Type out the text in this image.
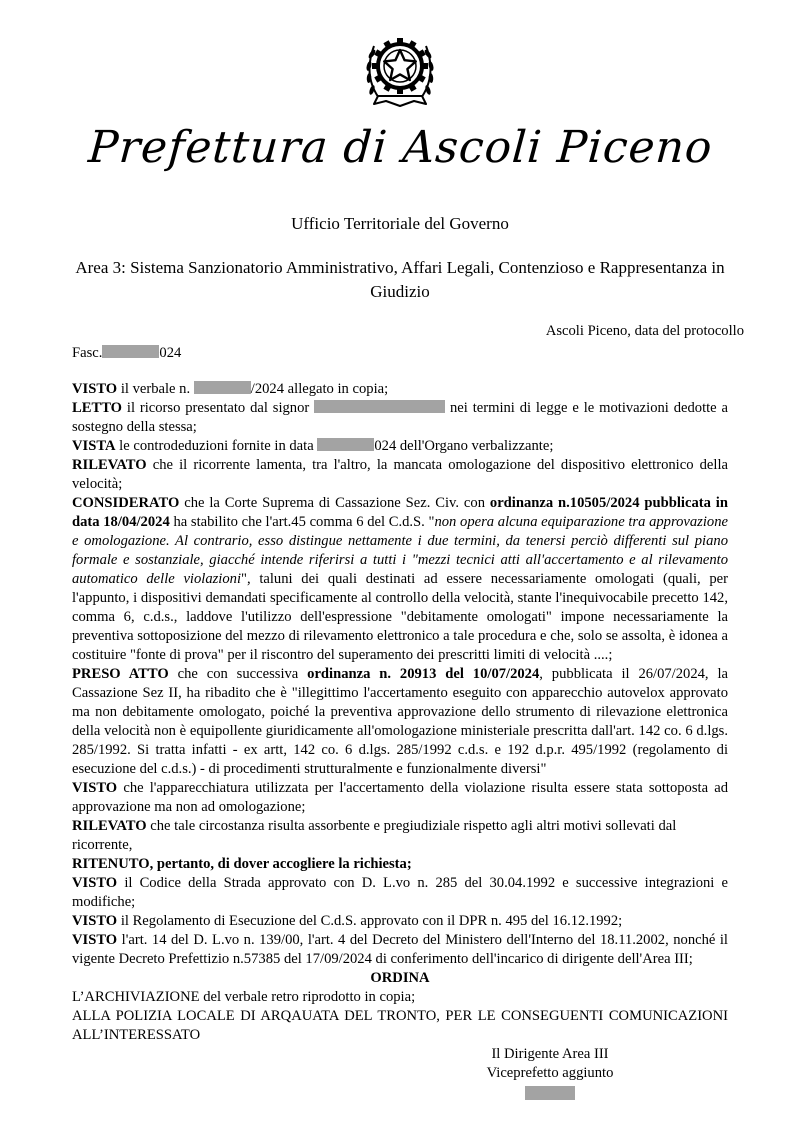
Prefettura di Ascoli Piceno
Ufficio Territoriale del Governo
Area 3: Sistema Sanzionatorio Amministrativo, Affari Legali, Contenzioso e Rappresentanza in Giudizio

Ascoli Piceno, data del protocollo

Fasc.	024

VISTO il verbale n.	/2024 allegato in copia;

LETTO il ricorso presentato dal signor	nei termini di legge e le motivazioni dedotte a sostegno della stessa;

VISTA le controdeduzioni fornite in data	024 dell'Organo verbalizzante;

RILEVATO che il ricorrente lamenta, tra l'altro, la mancata omologazione del dispositivo elettronico della velocità;

CONSIDERATO che la Corte Suprema di Cassazione Sez. Civ. con ordinanza n.10505/2024 pubblicata in data 18/04/2024 ha stabilito che l'art.45 comma 6 del C.d.S. "non opera alcuna equiparazione tra approvazione e omologazione. Al contrario, esso distingue nettamente i due termini, da tenersi perciò differenti sul piano formale e sostanziale, giacché intende riferirsi a tutti i "mezzi tecnici atti all'accertamento e al rilevamento automatico delle violazioni", taluni dei quali destinati ad essere necessariamente omologati (quali, per l'appunto, i dispositivi demandati specificamente al controllo della velocità, stante l'inequivocabile precetto 142, comma 6, c.d.s., laddove l'utilizzo dell'espressione "debitamente omologati" impone necessariamente la preventiva sottoposizione del mezzo di rilevamento elettronico a tale procedura e che, solo se assolta, è idonea a costituire "fonte di prova" per il riscontro del superamento dei prescritti limiti di velocità ....;

PRESO ATTO che con successiva ordinanza n. 20913 del 10/07/2024, pubblicata il 26/07/2024, la Cassazione Sez II, ha ribadito che è "illegittimo l'accertamento eseguito con apparecchio autovelox approvato ma non debitamente omologato, poiché la preventiva approvazione dello strumento di rilevazione elettronica della velocità non è equipollente giuridicamente all'omologazione ministeriale prescritta dall'art. 142 co. 6 d.lgs. 285/1992. Si tratta infatti - ex artt, 142 co. 6 d.lgs. 285/1992 c.d.s. e 192 d.p.r. 495/1992 (regolamento di esecuzione del c.d.s.) - di procedimenti strutturalmente e funzionalmente diversi"

VISTO che l'apparecchiatura utilizzata per l'accertamento della violazione risulta essere stata sottoposta ad approvazione ma non ad omologazione;

RILEVATO che tale circostanza risulta assorbente e pregiudiziale rispetto agli altri motivi sollevati dal ricorrente,

RITENUTO, pertanto, di dover accogliere la richiesta;

VISTO il Codice della Strada approvato con D. L.vo n. 285 del 30.04.1992 e successive integrazioni e modifiche;

VISTO il Regolamento di Esecuzione del C.d.S. approvato con il DPR n. 495 del 16.12.1992;

VISTO l'art. 14 del D. L.vo n. 139/00, l'art. 4 del Decreto del Ministero dell'Interno del 18.11.2002, nonché il vigente Decreto Prefettizio n.57385 del 17/09/2024 di conferimento dell'incarico di dirigente dell'Area III;

ORDINA

L’ARCHIVIAZIONE del verbale retro riprodotto in copia;

ALLA POLIZIA LOCALE DI ARQAUATA DEL TRONTO, PER LE CONSEGUENTI COMUNICAZIONI ALL’INTERESSATO

Il Dirigente Area III
Viceprefetto aggiunto
